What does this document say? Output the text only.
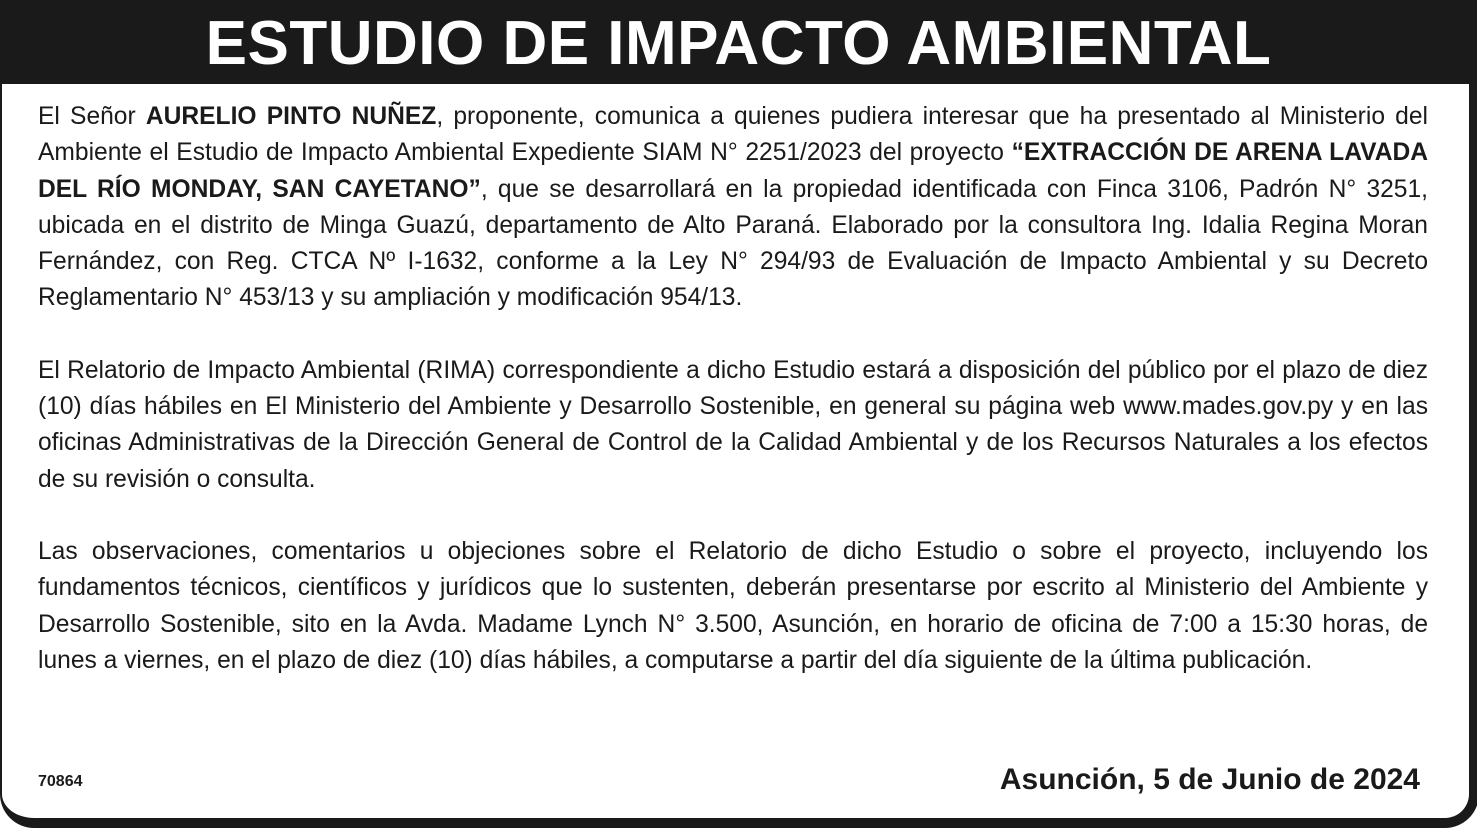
ESTUDIO DE IMPACTO AMBIENTAL

El Señor AURELIO PINTO NUÑEZ, proponente, comunica a quienes pudiera interesar que ha presentado al Ministerio del Ambiente el Estudio de Impacto Ambiental Expediente SIAM N° 2251/2023 del proyecto “EXTRACCIÓN DE ARENA LAVADA DEL RÍO MONDAY, SAN CAYETANO”, que se desarrollará en la propiedad identificada con Finca 3106, Padrón N° 3251, ubicada en el distrito de Minga Guazú, departamento de Alto Paraná. Elaborado por la consultora Ing. Idalia Regina Moran Fernández, con Reg. CTCA Nº I-1632, conforme a la Ley N° 294/93 de Evaluación de Impacto Ambiental y su Decreto Reglamentario N° 453/13 y su ampliación y modificación 954/13.

El Relatorio de Impacto Ambiental (RIMA) correspondiente a dicho Estudio estará a disposición del público por el plazo de diez (10) días hábiles en El Ministerio del Ambiente y Desarrollo Sostenible, en general su página web www.mades.gov.py y en las oficinas Administrativas de la Dirección General de Control de la Calidad Ambiental y de los Recursos Naturales a los efectos de su revisión o consulta.

Las observaciones, comentarios u objeciones sobre el Relatorio de dicho Estudio o sobre el proyecto, incluyendo los fundamentos técnicos, científicos y jurídicos que lo sustenten, deberán presentarse por escrito al Ministerio del Ambiente y Desarrollo Sostenible, sito en la Avda. Madame Lynch N° 3.500, Asunción, en horario de oficina de 7:00 a 15:30 horas, de lunes a viernes, en el plazo de diez (10) días hábiles, a computarse a partir del día siguiente de la última publicación.

70864	Asunción, 5 de Junio de 2024
